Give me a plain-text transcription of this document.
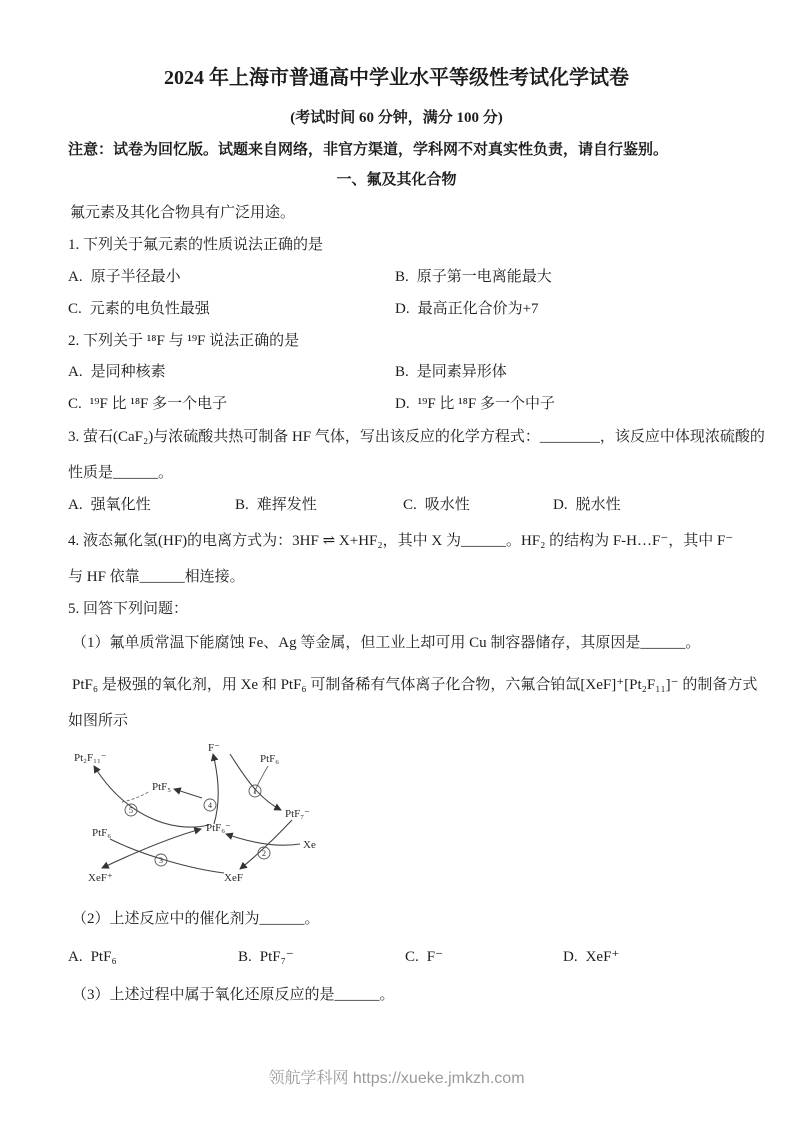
2024 年上海市普通高中学业水平等级性考试化学试卷
(考试时间 60 分钟，满分 100 分)
注意：试卷为回忆版。试题来自网络，非官方渠道，学科网不对真实性负责，请自行鉴别。
一、氟及其化合物
氟元素及其化合物具有广泛用途。
1. 下列关于氟元素的性质说法正确的是
A. 原子半径最小	B. 原子第一电离能最大
C. 元素的电负性最强	D. 最高正化合价为+7
2. 下列关于 ¹⁸F 与 ¹⁹F 说法正确的是
A. 是同种核素	B. 是同素异形体
C. ¹⁹F 比 ¹⁸F 多一个电子	D. ¹⁹F 比 ¹⁸F 多一个中子
3. 萤石(CaF₂)与浓硫酸共热可制备 HF 气体，写出该反应的化学方程式：________，该反应中体现浓硫酸的
性质是______。
A. 强氧化性	B. 难挥发性	C. 吸水性	D. 脱水性
4. 液态氟化氢(HF)的电离方式为：3HF ⇌ X+HF₂，其中 X 为______。HF₂ 的结构为 F-H…F⁻，其中 F⁻
与 HF 依靠______相连接。
5. 回答下列问题：
（1）氟单质常温下能腐蚀 Fe、Ag 等金属，但工业上却可用 Cu 制容器储存，其原因是______。
PtF₆ 是极强的氧化剂，用 Xe 和 PtF₆ 可制备稀有气体离子化合物，六氟合铂氙[XeF]⁺[Pt₂F₁₁]⁻ 的制备方式
如图所示
Pt₂F₁₁⁻
F⁻
PtF₆
PtF₅
PtF₇⁻
PtF₆	PtF₆⁻
Xe
XeF⁺	XeF
1
2
3
4
5
（2）上述反应中的催化剂为______。
A. PtF₆	B. PtF₇⁻	C. F⁻	D. XeF⁺
（3）上述过程中属于氧化还原反应的是______。
领航学科网 https://xueke.jmkzh.com
